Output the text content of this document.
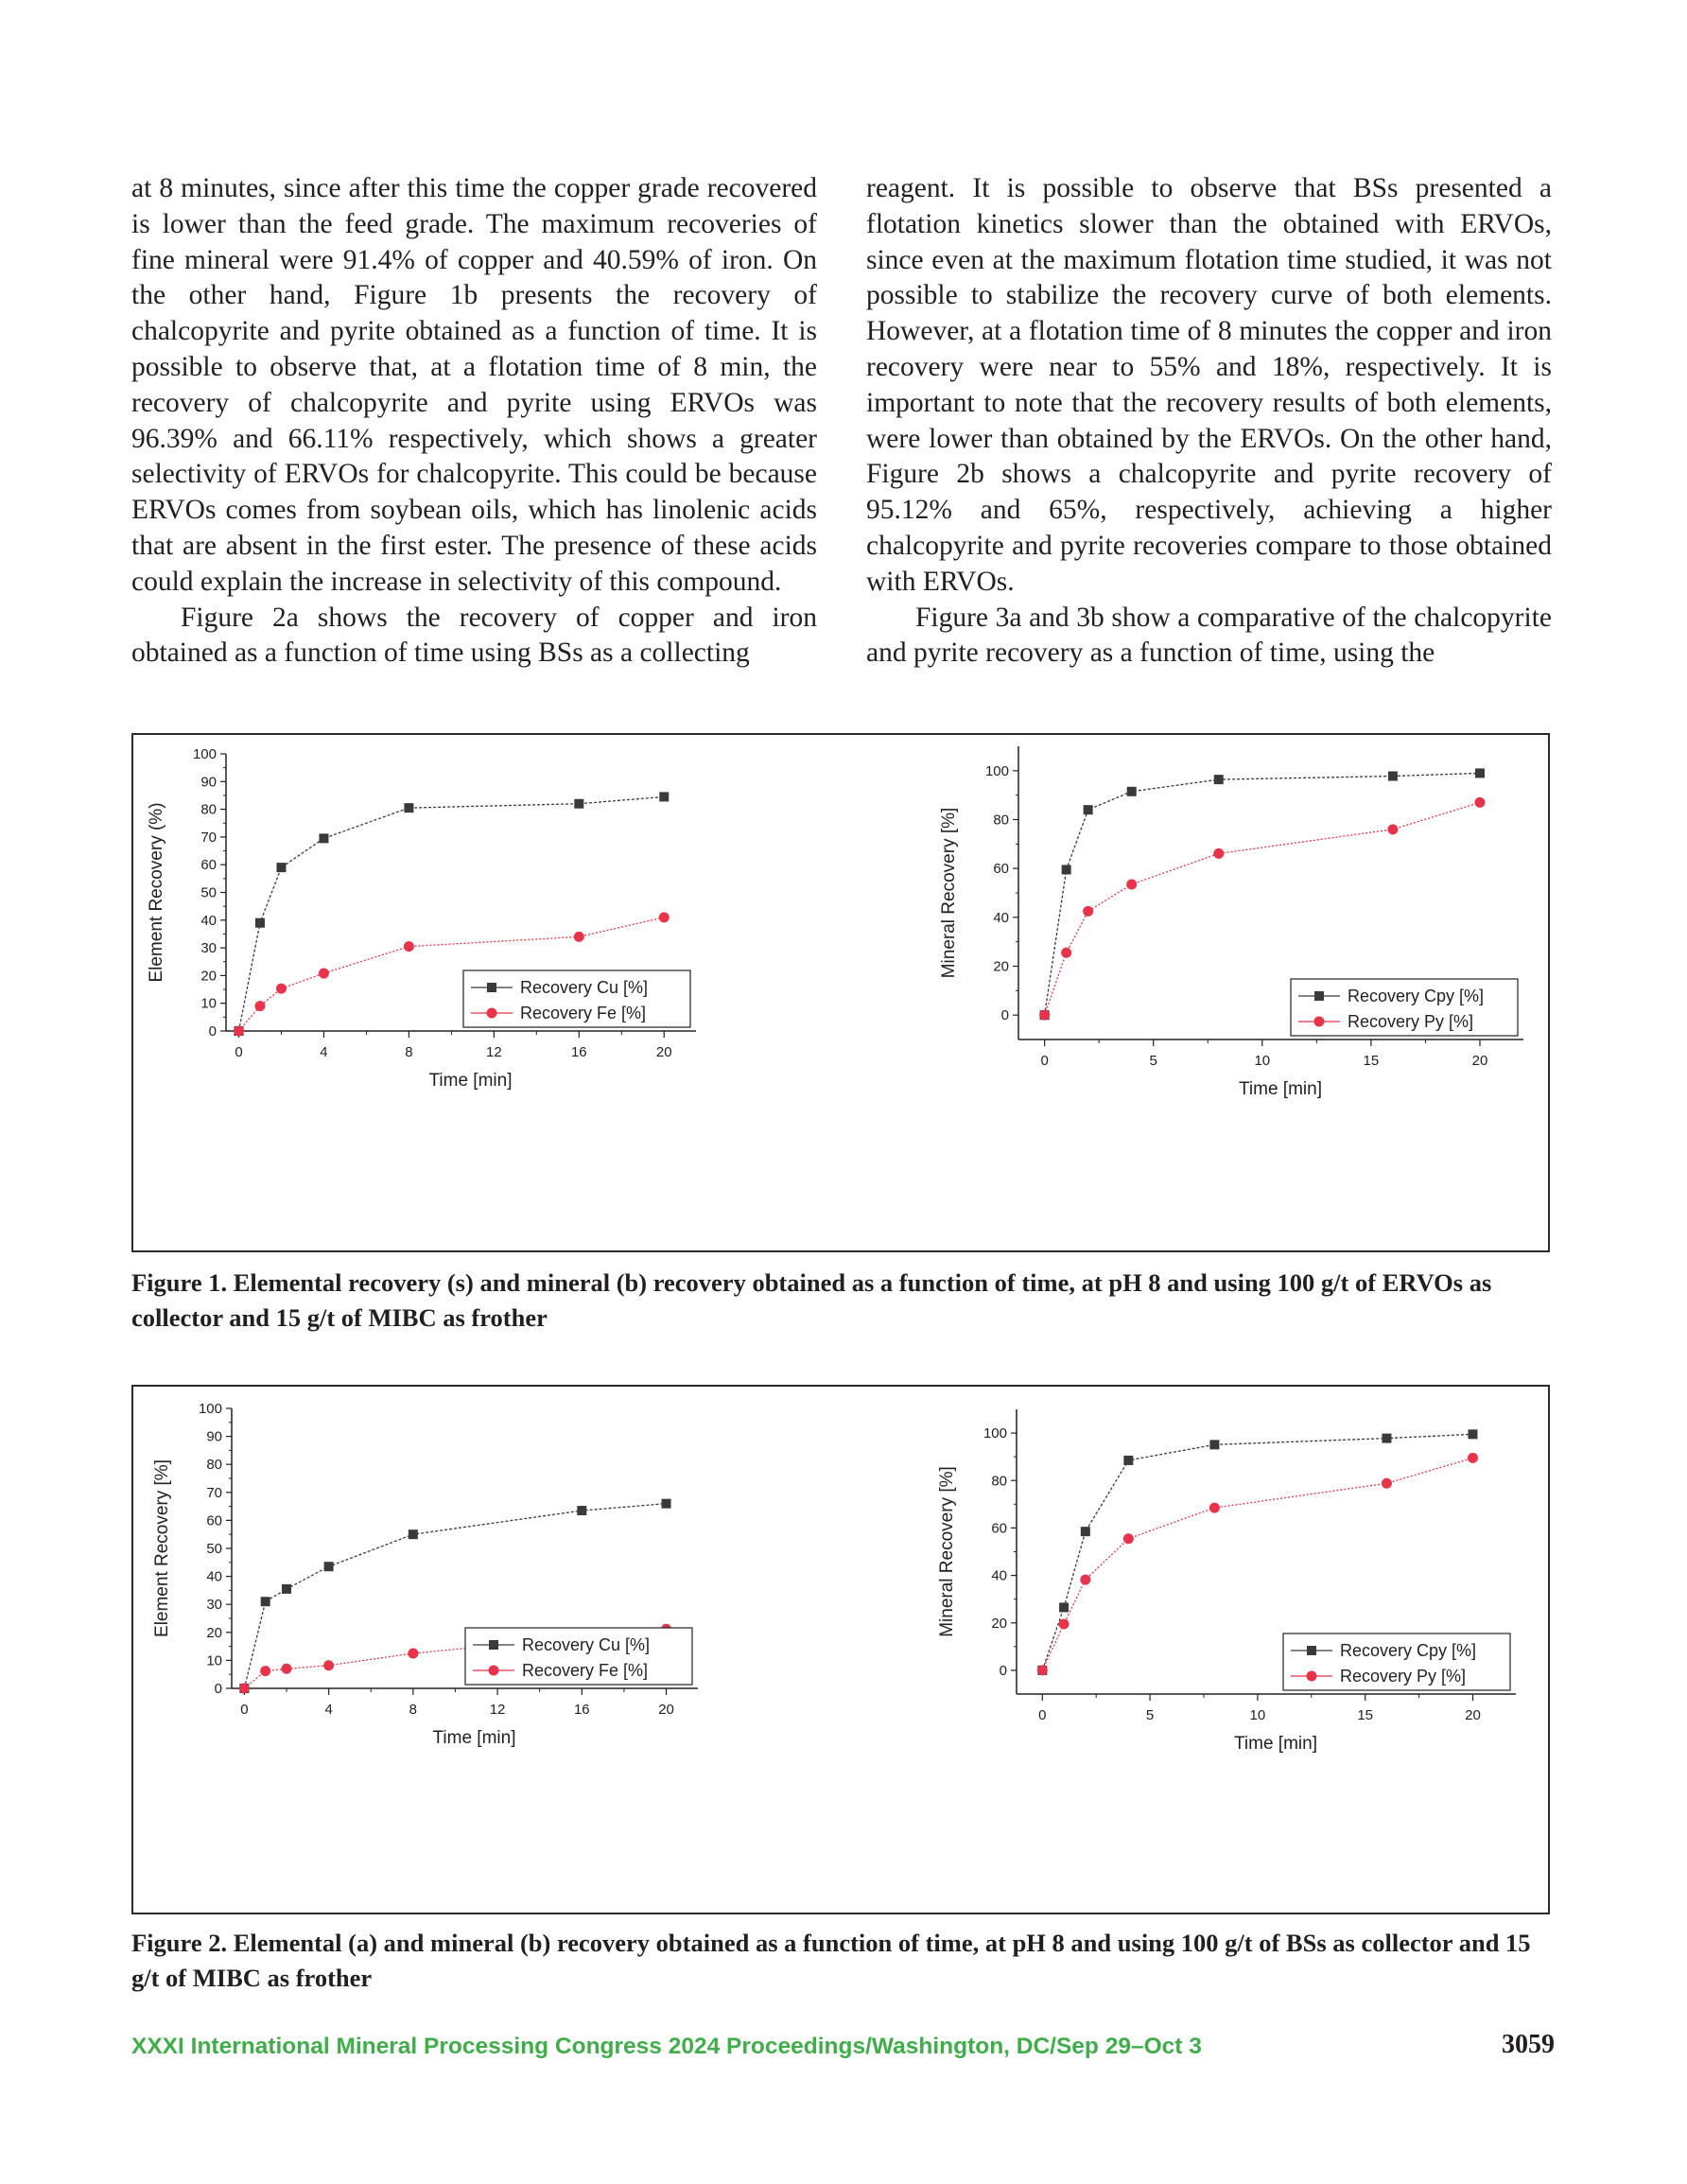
at 8 minutes, since after this time the copper grade recovered is lower than the feed grade. The maximum recoveries of fine mineral were 91.4% of copper and 40.59% of iron. On the other hand, Figure 1b presents the recovery of chalcopyrite and pyrite obtained as a function of time. It is possible to observe that, at a flotation time of 8 min, the recovery of chalcopyrite and pyrite using ERVOs was 96.39% and 66.11% respectively, which shows a greater selectivity of ERVOs for chalcopyrite. This could be because ERVOs comes from soybean oils, which has linolenic acids that are absent in the first ester. The presence of these acids could explain the increase in selectivity of this compound.

Figure 2a shows the recovery of copper and iron obtained as a function of time using BSs as a collecting

reagent. It is possible to observe that BSs presented a flotation kinetics slower than the obtained with ERVOs, since even at the maximum flotation time studied, it was not possible to stabilize the recovery curve of both elements. However, at a flotation time of 8 minutes the copper and iron recovery were near to 55% and 18%, respectively. It is important to note that the recovery results of both elements, were lower than obtained by the ERVOs. On the other hand, Figure 2b shows a chalcopyrite and pyrite recovery of 95.12% and 65%, respectively, achieving a higher chalcopyrite and pyrite recoveries compare to those obtained with ERVOs.

Figure 3a and 3b show a comparative of the chalcopyrite and pyrite recovery as a function of time, using the

0
10
20
30
40
50
60
70
80
90
100
0	4	8	12	16	20
Time [min]
Element Recovery (%)
Recovery Cu [%]
Recovery Fe [%]	0
20
40
60
80
100
0	5	10	15	20
Time [min]
Mineral Recovery [%]
Recovery Cpy [%]
Recovery Py [%]
Figure 1. Elemental recovery (s) and mineral (b) recovery obtained as a function of time, at pH 8 and using 100 g/t of ERVOs as collector and 15 g/t of MIBC as frother
0
10
20
30
40
50
60
70
80
90
100
0	4	8	12	16	20
Time [min]
Element Recovery [%]
Recovery Cu [%]
Recovery Fe [%]	0
20
40
60
80
100
0	5	10	15	20
Time [min]
Mineral Recovery [%]
Recovery Cpy [%]
Recovery Py [%]
Figure 2. Elemental (a) and mineral (b) recovery obtained as a function of time, at pH 8 and using 100 g/t of BSs as collector and 15 g/t of MIBC as frother
XXXI International Mineral Processing Congress 2024 Proceedings/Washington, DC/Sep 29–Oct 3	3059
